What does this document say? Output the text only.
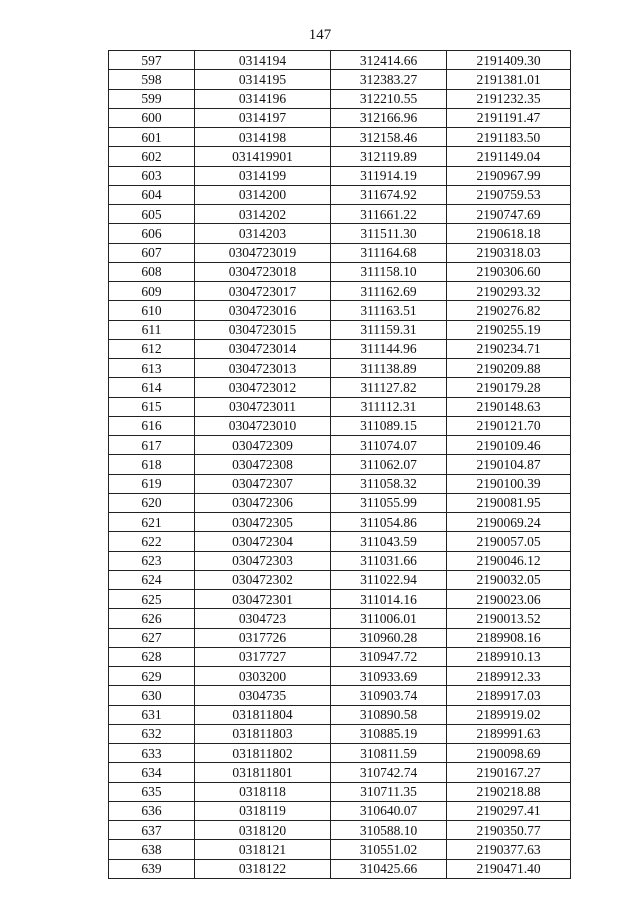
147
597	0314194	312414.66	2191409.30
598	0314195	312383.27	2191381.01
599	0314196	312210.55	2191232.35
600	0314197	312166.96	2191191.47
601	0314198	312158.46	2191183.50
602	031419901	312119.89	2191149.04
603	0314199	311914.19	2190967.99
604	0314200	311674.92	2190759.53
605	0314202	311661.22	2190747.69
606	0314203	311511.30	2190618.18
607	0304723019	311164.68	2190318.03
608	0304723018	311158.10	2190306.60
609	0304723017	311162.69	2190293.32
610	0304723016	311163.51	2190276.82
611	0304723015	311159.31	2190255.19
612	0304723014	311144.96	2190234.71
613	0304723013	311138.89	2190209.88
614	0304723012	311127.82	2190179.28
615	0304723011	311112.31	2190148.63
616	0304723010	311089.15	2190121.70
617	030472309	311074.07	2190109.46
618	030472308	311062.07	2190104.87
619	030472307	311058.32	2190100.39
620	030472306	311055.99	2190081.95
621	030472305	311054.86	2190069.24
622	030472304	311043.59	2190057.05
623	030472303	311031.66	2190046.12
624	030472302	311022.94	2190032.05
625	030472301	311014.16	2190023.06
626	0304723	311006.01	2190013.52
627	0317726	310960.28	2189908.16
628	0317727	310947.72	2189910.13
629	0303200	310933.69	2189912.33
630	0304735	310903.74	2189917.03
631	031811804	310890.58	2189919.02
632	031811803	310885.19	2189991.63
633	031811802	310811.59	2190098.69
634	031811801	310742.74	2190167.27
635	0318118	310711.35	2190218.88
636	0318119	310640.07	2190297.41
637	0318120	310588.10	2190350.77
638	0318121	310551.02	2190377.63
639	0318122	310425.66	2190471.40
